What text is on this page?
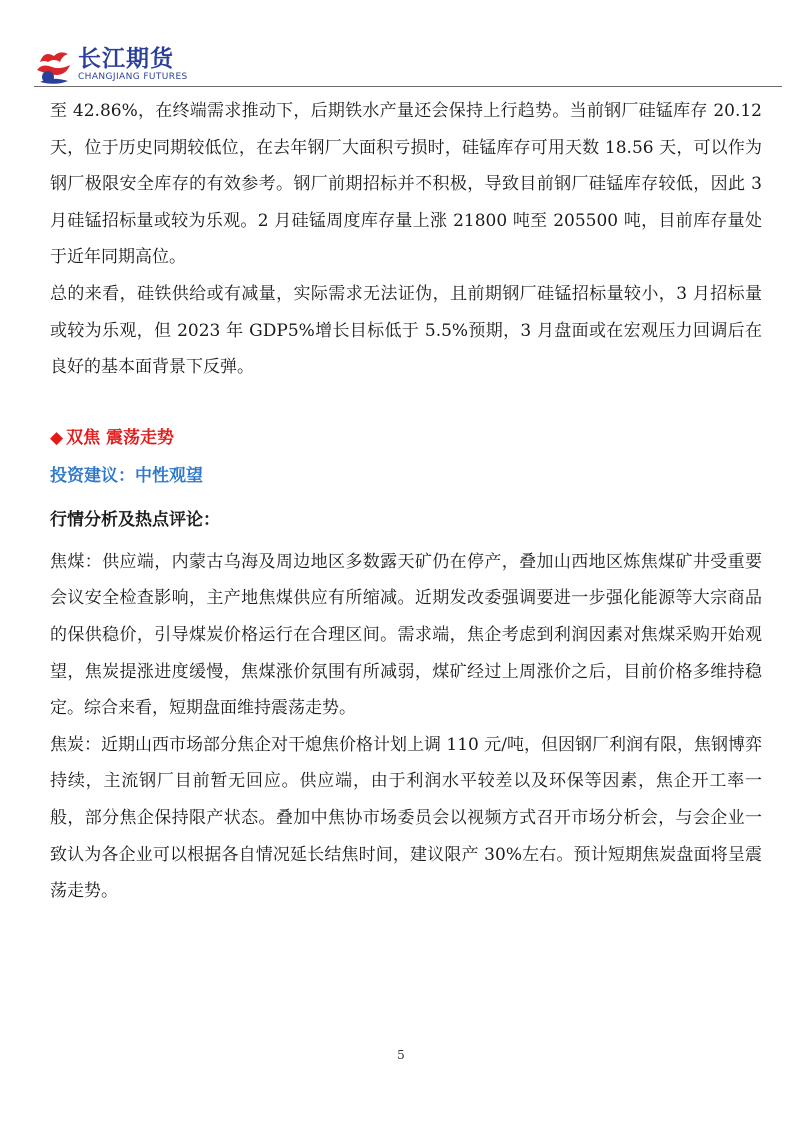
长江期货
CHANGJIANG FUTURES

至 42.86%，在终端需求推动下，后期铁水产量还会保持上行趋势。当前钢厂硅锰库存 20.12 天，位于历史同期较低位，在去年钢厂大面积亏损时，硅锰库存可用天数 18.56 天，可以作为钢厂极限安全库存的有效参考。钢厂前期招标并不积极，导致目前钢厂硅锰库存较低，因此 3 月硅锰招标量或较为乐观。2 月硅锰周度库存量上涨 21800 吨至 205500 吨，目前库存量处于近年同期高位。

总的来看，硅铁供给或有减量，实际需求无法证伪，且前期钢厂硅锰招标量较小，3 月招标量或较为乐观，但 2023 年 GDP5%增长目标低于 5.5%预期，3 月盘面或在宏观压力回调后在良好的基本面背景下反弹。

◆ 双焦 震荡走势

投资建议：中性观望

行情分析及热点评论：

焦煤：供应端，内蒙古乌海及周边地区多数露天矿仍在停产，叠加山西地区炼焦煤矿井受重要会议安全检查影响，主产地焦煤供应有所缩减。近期发改委强调要进一步强化能源等大宗商品的保供稳价，引导煤炭价格运行在合理区间。需求端，焦企考虑到利润因素对焦煤采购开始观望，焦炭提涨进度缓慢，焦煤涨价氛围有所减弱，煤矿经过上周涨价之后，目前价格多维持稳定。综合来看，短期盘面维持震荡走势。

焦炭：近期山西市场部分焦企对干熄焦价格计划上调 110 元/吨，但因钢厂利润有限，焦钢博弈持续，主流钢厂目前暂无回应。供应端，由于利润水平较差以及环保等因素，焦企开工率一般，部分焦企保持限产状态。叠加中焦协市场委员会以视频方式召开市场分析会，与会企业一致认为各企业可以根据各自情况延长结焦时间，建议限产 30%左右。预计短期焦炭盘面将呈震荡走势。

5
